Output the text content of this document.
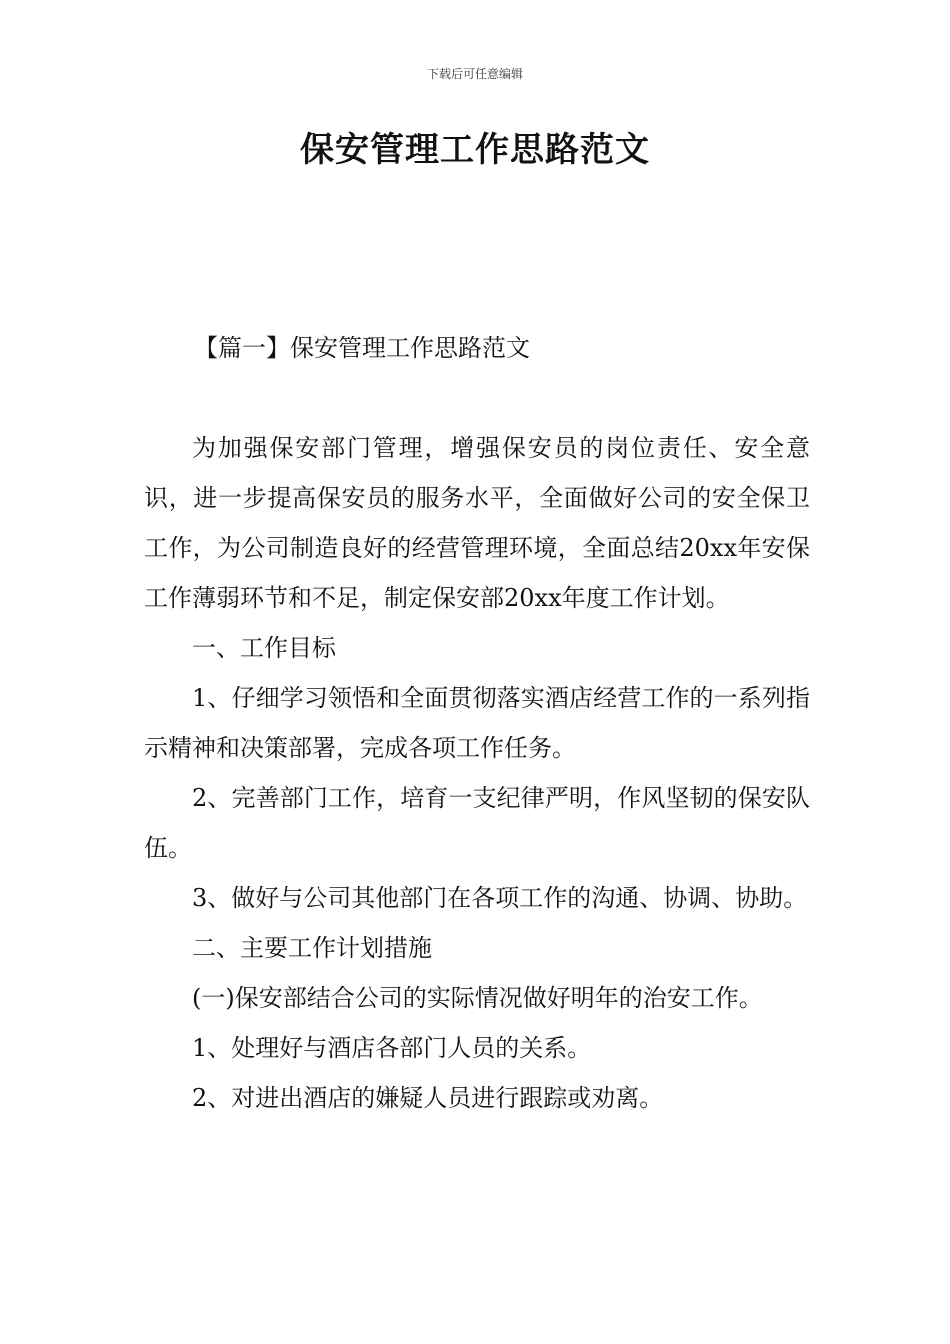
下载后可任意编辑
保安管理工作思路范文
【篇一】保安管理工作思路范文

为加强保安部门管理，增强保安员的岗位责任、安全意识，进一步提高保安员的服务水平，全面做好公司的安全保卫工作，为公司制造良好的经营管理环境，全面总结20xx年安保工作薄弱环节和不足，制定保安部20xx年度工作计划。

一、工作目标

1、仔细学习领悟和全面贯彻落实酒店经营工作的一系列指示精神和决策部署，完成各项工作任务。

2、完善部门工作，培育一支纪律严明，作风坚韧的保安队伍。

3、做好与公司其他部门在各项工作的沟通、协调、协助。

二、主要工作计划措施

(一)保安部结合公司的实际情况做好明年的治安工作。

1、处理好与酒店各部门人员的关系。

2、对进出酒店的嫌疑人员进行跟踪或劝离。
